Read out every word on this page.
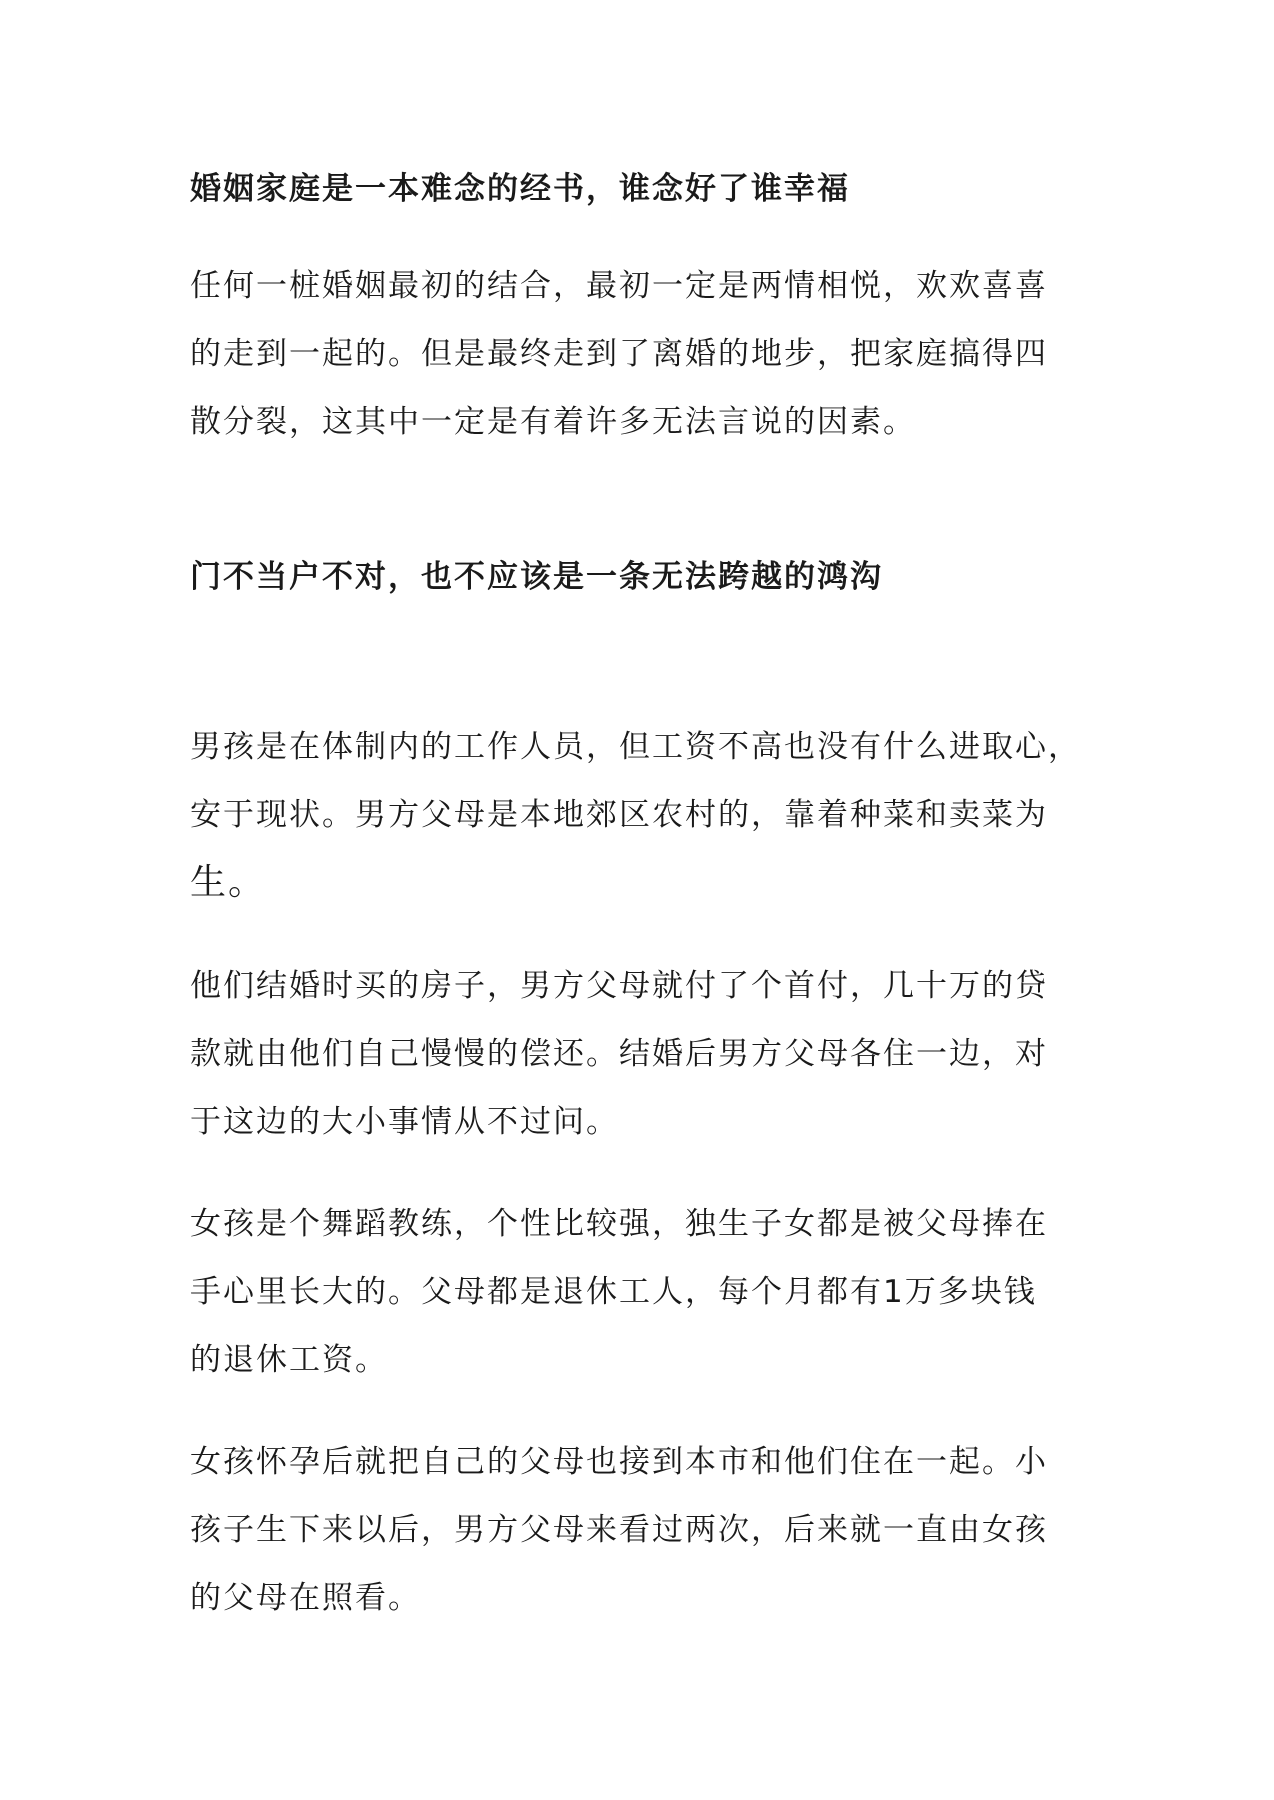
婚姻家庭是一本难念的经书，谁念好了谁幸福

任何一桩婚姻最初的结合，最初一定是两情相悦，欢欢喜喜
的走到一起的。但是最终走到了离婚的地步，把家庭搞得四
散分裂，这其中一定是有着许多无法言说的因素。

门不当户不对，也不应该是一条无法跨越的鸿沟

男孩是在体制内的工作人员，但工资不高也没有什么进取心，
安于现状。男方父母是本地郊区农村的，靠着种菜和卖菜为
生。

他们结婚时买的房子，男方父母就付了个首付，几十万的贷
款就由他们自己慢慢的偿还。结婚后男方父母各住一边，对
于这边的大小事情从不过问。

女孩是个舞蹈教练，个性比较强，独生子女都是被父母捧在
手心里长大的。父母都是退休工人，每个月都有1万多块钱
的退休工资。

女孩怀孕后就把自己的父母也接到本市和他们住在一起。小
孩子生下来以后，男方父母来看过两次，后来就一直由女孩
的父母在照看。
